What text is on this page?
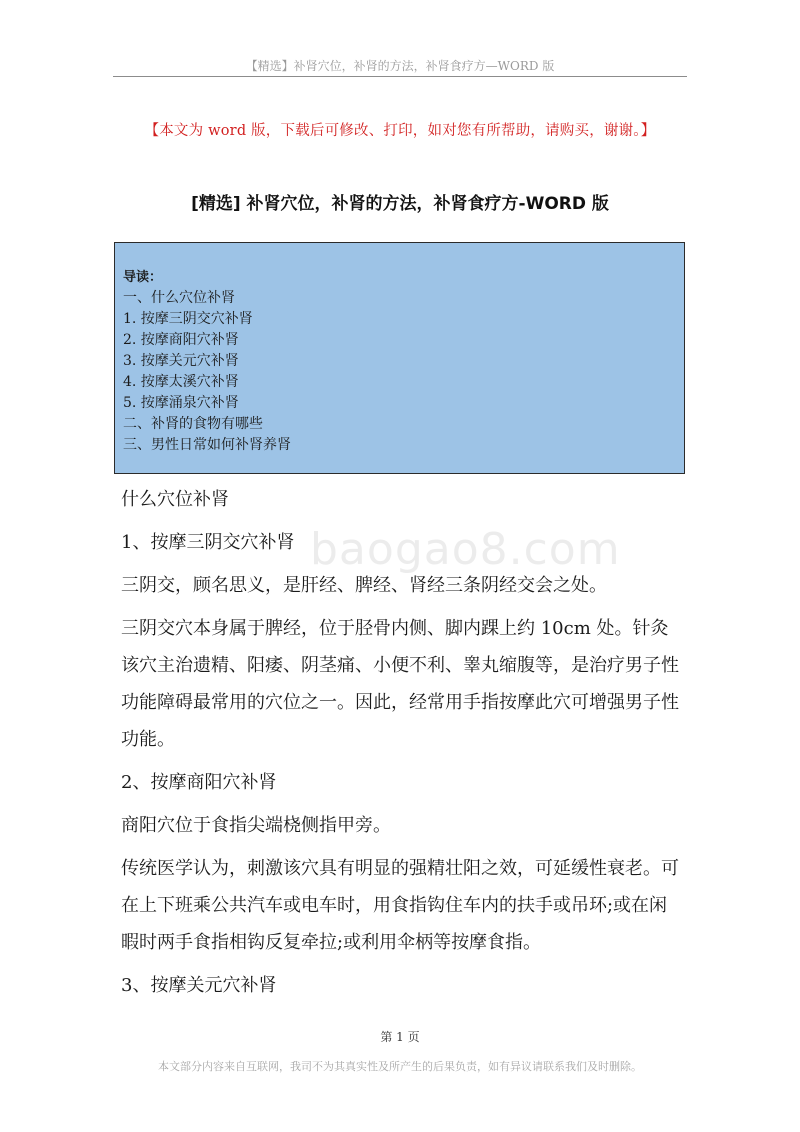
【精选】补肾穴位，补肾的方法，补肾食疗方—WORD 版
【本文为 word 版，下载后可修改、打印，如对您有所帮助，请购买，谢谢。】
[精选] 补肾穴位，补肾的方法，补肾食疗方-WORD 版
导读：
一、什么穴位补肾
1. 按摩三阴交穴补肾
2. 按摩商阳穴补肾
3. 按摩关元穴补肾
4. 按摩太溪穴补肾
5. 按摩涌泉穴补肾
二、补肾的食物有哪些
三、男性日常如何补肾养肾
baogao8.com

什么穴位补肾

1、按摩三阴交穴补肾

三阴交，顾名思义，是肝经、脾经、肾经三条阴经交会之处。

三阴交穴本身属于脾经，位于胫骨内侧、脚内踝上约 10cm 处。针灸该穴主治遗精、阳痿、阴茎痛、小便不利、睾丸缩腹等，是治疗男子性功能障碍最常用的穴位之一。因此，经常用手指按摩此穴可增强男子性功能。

2、按摩商阳穴补肾

商阳穴位于食指尖端桡侧指甲旁。

传统医学认为，刺激该穴具有明显的强精壮阳之效，可延缓性衰老。可在上下班乘公共汽车或电车时，用食指钩住车内的扶手或吊环;或在闲暇时两手食指相钩反复牵拉;或利用伞柄等按摩食指。

3、按摩关元穴补肾

第 1 页
本文部分内容来自互联网，我司不为其真实性及所产生的后果负责，如有异议请联系我们及时删除。
